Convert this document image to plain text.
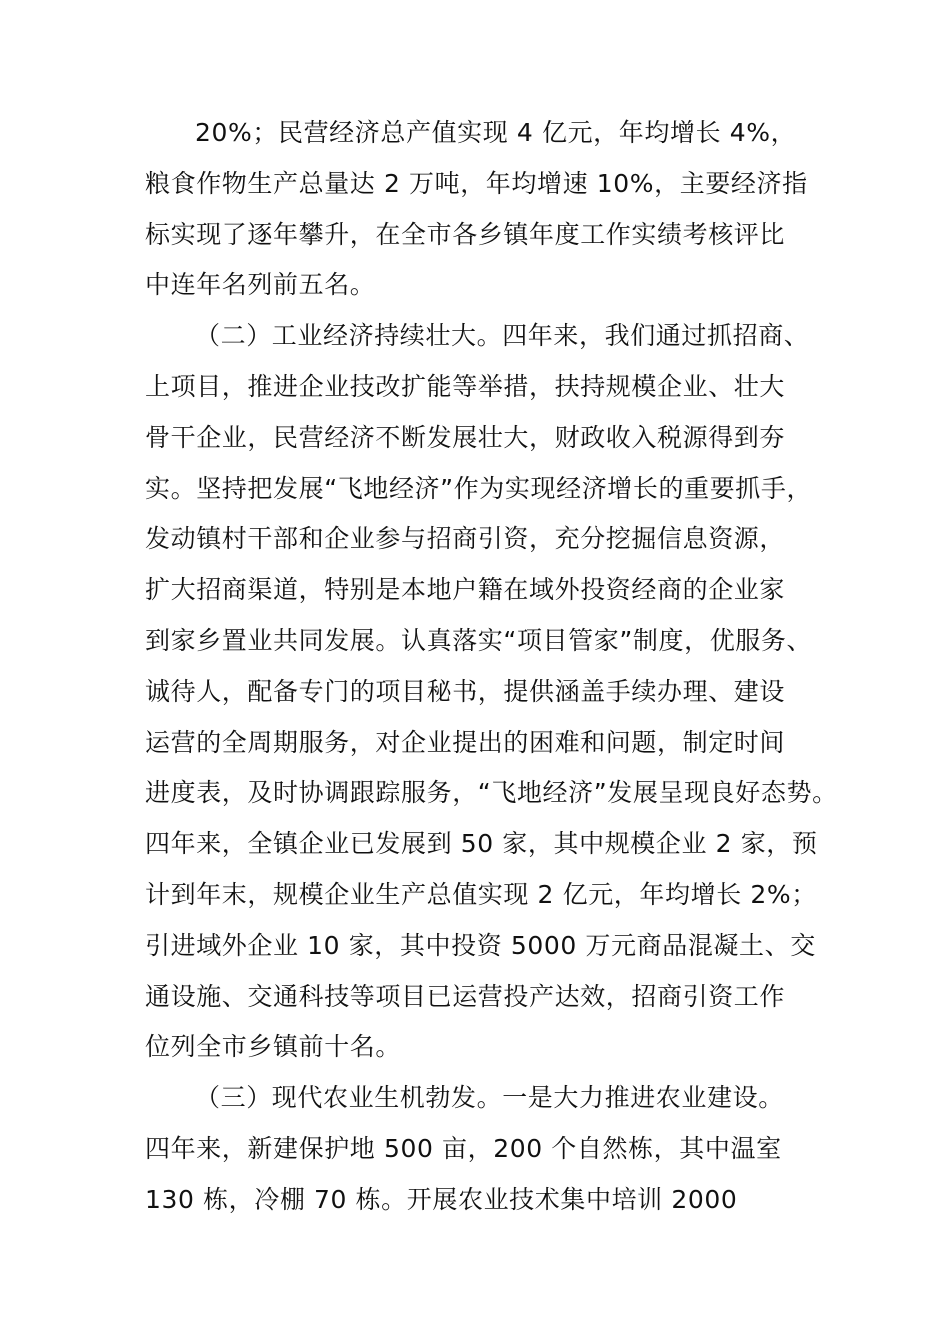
20%；民营经济总产值实现 4 亿元，年均增长 4%，
粮食作物生产总量达 2 万吨，年均增速 10%，主要经济指
标实现了逐年攀升，在全市各乡镇年度工作实绩考核评比
中连年名列前五名。
（二）工业经济持续壮大。四年来，我们通过抓招商、
上项目，推进企业技改扩能等举措，扶持规模企业、壮大
骨干企业，民营经济不断发展壮大，财政收入税源得到夯
实。坚持把发展“飞地经济”作为实现经济增长的重要抓手，
发动镇村干部和企业参与招商引资，充分挖掘信息资源，
扩大招商渠道，特别是本地户籍在域外投资经商的企业家
到家乡置业共同发展。认真落实“项目管家”制度，优服务、
诚待人，配备专门的项目秘书，提供涵盖手续办理、建设
运营的全周期服务，对企业提出的困难和问题，制定时间
进度表，及时协调跟踪服务，“飞地经济”发展呈现良好态势。
四年来，全镇企业已发展到 50 家，其中规模企业 2 家，预
计到年末，规模企业生产总值实现 2 亿元，年均增长 2%；
引进域外企业 10 家，其中投资 5000 万元商品混凝土、交
通设施、交通科技等项目已运营投产达效，招商引资工作
位列全市乡镇前十名。
（三）现代农业生机勃发。一是大力推进农业建设。
四年来，新建保护地 500 亩，200 个自然栋，其中温室
130 栋，冷棚 70 栋。开展农业技术集中培训 2000
